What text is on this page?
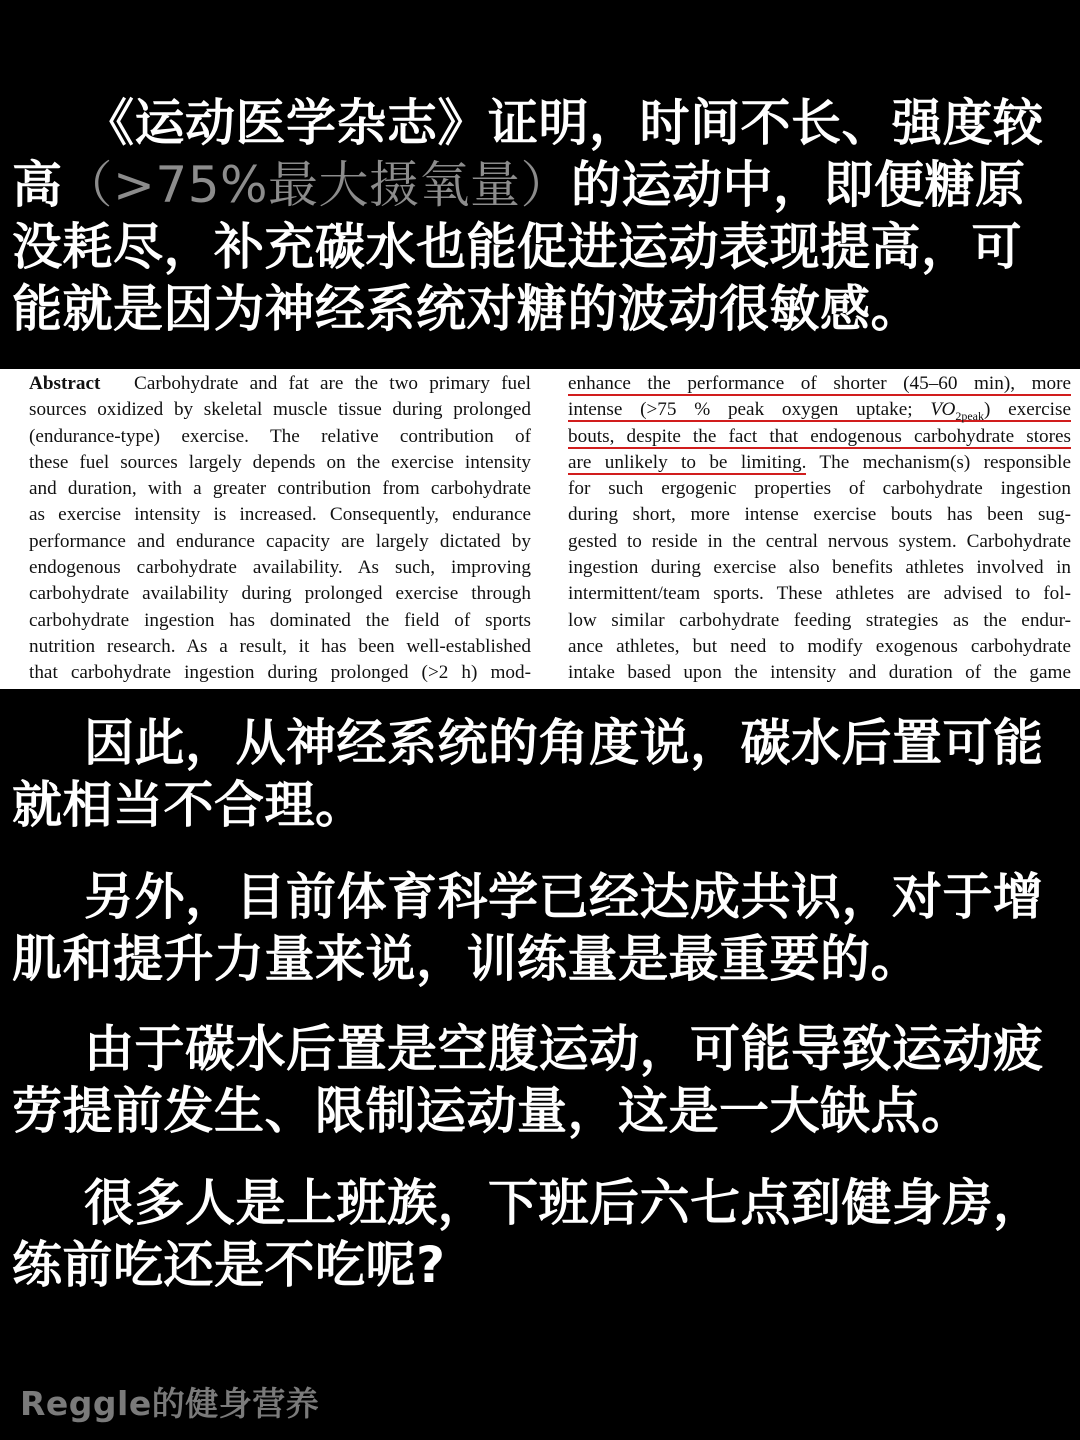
《运动医学杂志》证明，时间不长、强度较高（>75%最大摄氧量）的运动中，即便糖原没耗尽，补充碳水也能促进运动表现提高，可能就是因为神经系统对糖的波动很敏感。

Abstract Carbohydrate and fat are the two primary fuel
sources oxidized by skeletal muscle tissue during prolonged
(endurance-type) exercise. The relative contribution of
these fuel sources largely depends on the exercise intensity
and duration, with a greater contribution from carbohydrate
as exercise intensity is increased. Consequently, endurance
performance and endurance capacity are largely dictated by
endogenous carbohydrate availability. As such, improving
carbohydrate availability during prolonged exercise through
carbohydrate ingestion has dominated the field of sports
nutrition research. As a result, it has been well-established
that carbohydrate ingestion during prolonged (>2 h) mod-
enhance the performance of shorter (45–60 min), more
intense (>75 % peak oxygen uptake; $VO_{2peak}$) exercise
bouts, despite the fact that endogenous carbohydrate stores
are unlikely to be limiting. The mechanism(s) responsible
for such ergogenic properties of carbohydrate ingestion
during short, more intense exercise bouts has been sug-
gested to reside in the central nervous system. Carbohydrate
ingestion during exercise also benefits athletes involved in
intermittent/team sports. These athletes are advised to fol-
low similar carbohydrate feeding strategies as the endur-
ance athletes, but need to modify exogenous carbohydrate
intake based upon the intensity and duration of the game

因此，从神经系统的角度说，碳水后置可能就相当不合理。

另外，目前体育科学已经达成共识，对于增肌和提升力量来说，训练量是最重要的。

由于碳水后置是空腹运动，可能导致运动疲劳提前发生、限制运动量，这是一大缺点。

很多人是上班族，下班后六七点到健身房，练前吃还是不吃呢?

Reggle的健身营养
